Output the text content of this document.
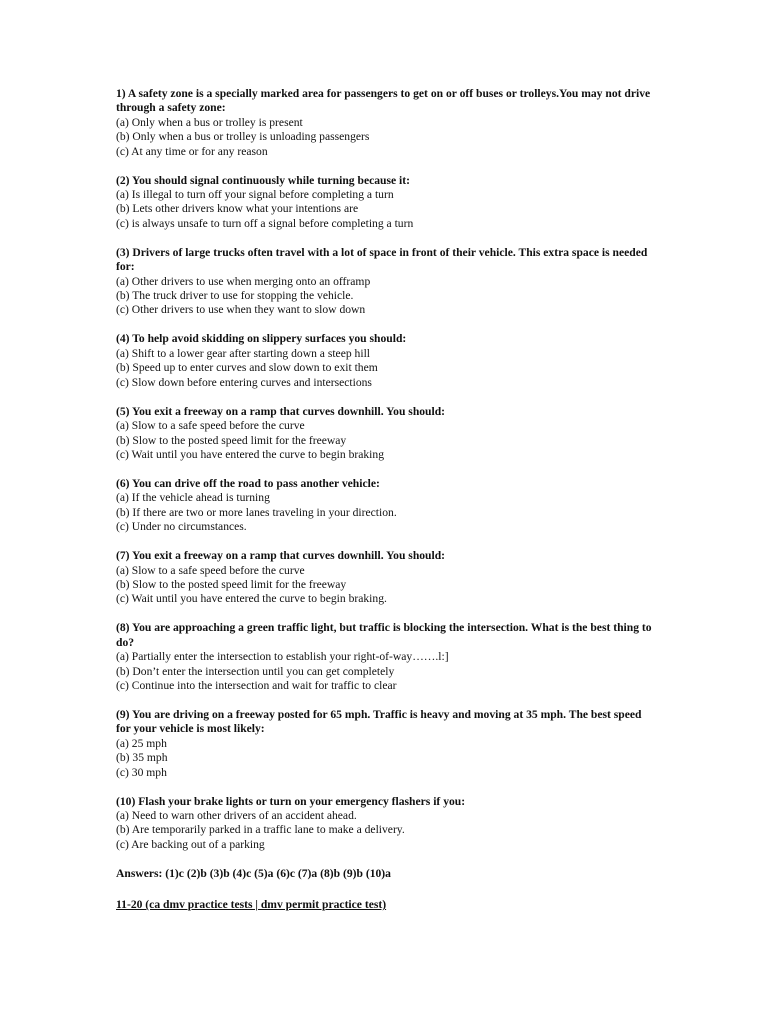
1) A safety zone is a specially marked area for passengers to get on or off buses or trolleys.You may not drive through a safety zone:

(a) Only when a bus or trolley is present

(b) Only when a bus or trolley is unloading passengers

(c) At any time or for any reason

(2) You should signal continuously while turning because it:

(a) Is illegal to turn off your signal before completing a turn

(b) Lets other drivers know what your intentions are

(c) is always unsafe to turn off a signal before completing a turn

(3) Drivers of large trucks often travel with a lot of space in front of their vehicle. This extra space is needed for:

(a) Other drivers to use when merging onto an offramp

(b) The truck driver to use for stopping the vehicle.

(c) Other drivers to use when they want to slow down

(4) To help avoid skidding on slippery surfaces you should:

(a) Shift to a lower gear after starting down a steep hill

(b) Speed up to enter curves and slow down to exit them

(c) Slow down before entering curves and intersections

(5) You exit a freeway on a ramp that curves downhill. You should:

(a) Slow to a safe speed before the curve

(b) Slow to the posted speed limit for the freeway

(c) Wait until you have entered the curve to begin braking

(6) You can drive off the road to pass another vehicle:

(a) If the vehicle ahead is turning

(b) If there are two or more lanes traveling in your direction.

(c) Under no circumstances.

(7) You exit a freeway on a ramp that curves downhill. You should:

(a) Slow to a safe speed before the curve

(b) Slow to the posted speed limit for the freeway

(c) Wait until you have entered the curve to begin braking.

(8) You are approaching a green traffic light, but traffic is blocking the intersection. What is the best thing to do?

(a) Partially enter the intersection to establish your right-of-way…….l:]

(b) Don’t enter the intersection until you can get completely

(c) Continue into the intersection and wait for traffic to clear

(9) You are driving on a freeway posted for 65 mph. Traffic is heavy and moving at 35 mph. The best speed for your vehicle is most likely:

(a) 25 mph

(b) 35 mph

(c) 30 mph

(10) Flash your brake lights or turn on your emergency flashers if you:

(a) Need to warn other drivers of an accident ahead.

(b) Are temporarily parked in a traffic lane to make a delivery.

(c) Are backing out of a parking

Answers: (1)c (2)b (3)b (4)c (5)a (6)c (7)a (8)b (9)b (10)a

11-20 (ca dmv practice tests | dmv permit practice test)
